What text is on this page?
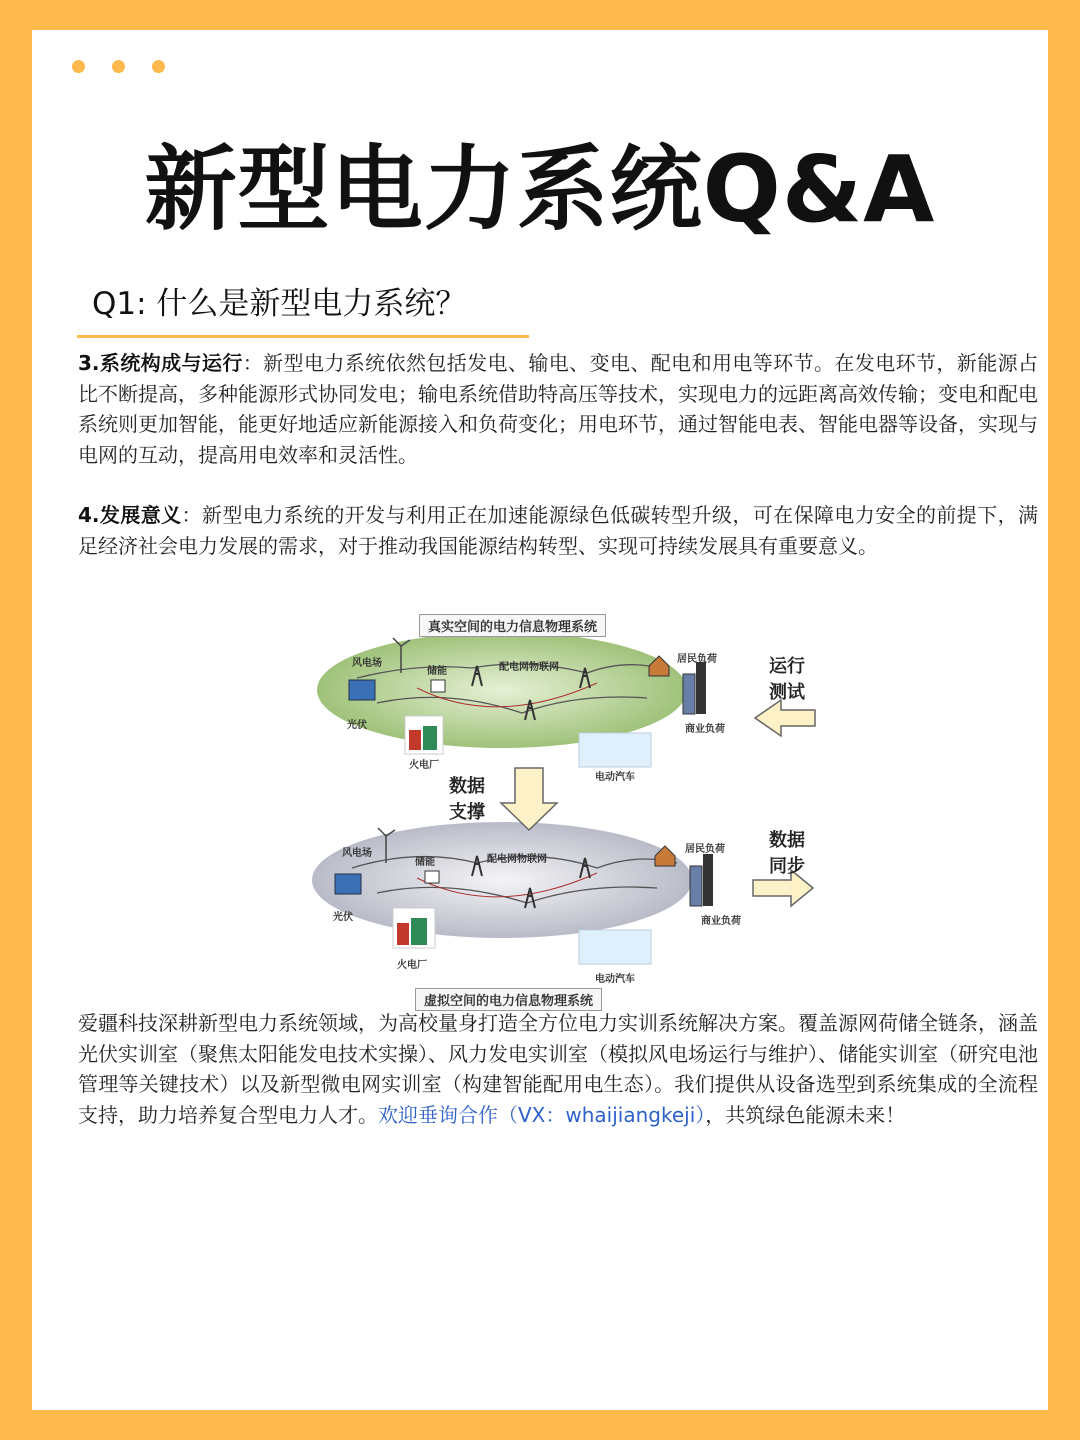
新型电力系统Q&A
Q1: 什么是新型电力系统？
3.系统构成与运行：新型电力系统依然包括发电、输电、变电、配电和用电等环节。在发电环节，新能源占比不断提高，多种能源形式协同发电；输电系统借助特高压等技术，实现电力的远距离高效传输；变电和配电系统则更加智能，能更好地适应新能源接入和负荷变化；用电环节，通过智能电表、智能电器等设备，实现与电网的互动，提高用电效率和灵活性。
4.发展意义：新型电力系统的开发与利用正在加速能源绿色低碳转型升级，可在保障电力安全的前提下，满足经济社会电力发展的需求，对于推动我国能源结构转型、实现可持续发展具有重要意义。
真实空间的电力信息物理系统
虚拟空间的电力信息物理系统
风电场
储能	配电网物联网
居民负荷
光伏	商业负荷
火电厂
电动汽车
风电场
储能	配电网物联网
居民负荷
光伏	商业负荷
火电厂
电动汽车
运行
测试
数据
支撑
数据
同步
爱疆科技深耕新型电力系统领域，为高校量身打造全方位电力实训系统解决方案。覆盖源网荷储全链条，涵盖光伏实训室（聚焦太阳能发电技术实操）、风力发电实训室（模拟风电场运行与维护）、储能实训室（研究电池管理等关键技术）以及新型微电网实训室（构建智能配用电生态）。我们提供从设备选型到系统集成的全流程支持，助力培养复合型电力人才。欢迎垂询合作（VX：whaijiangkeji），共筑绿色能源未来！
